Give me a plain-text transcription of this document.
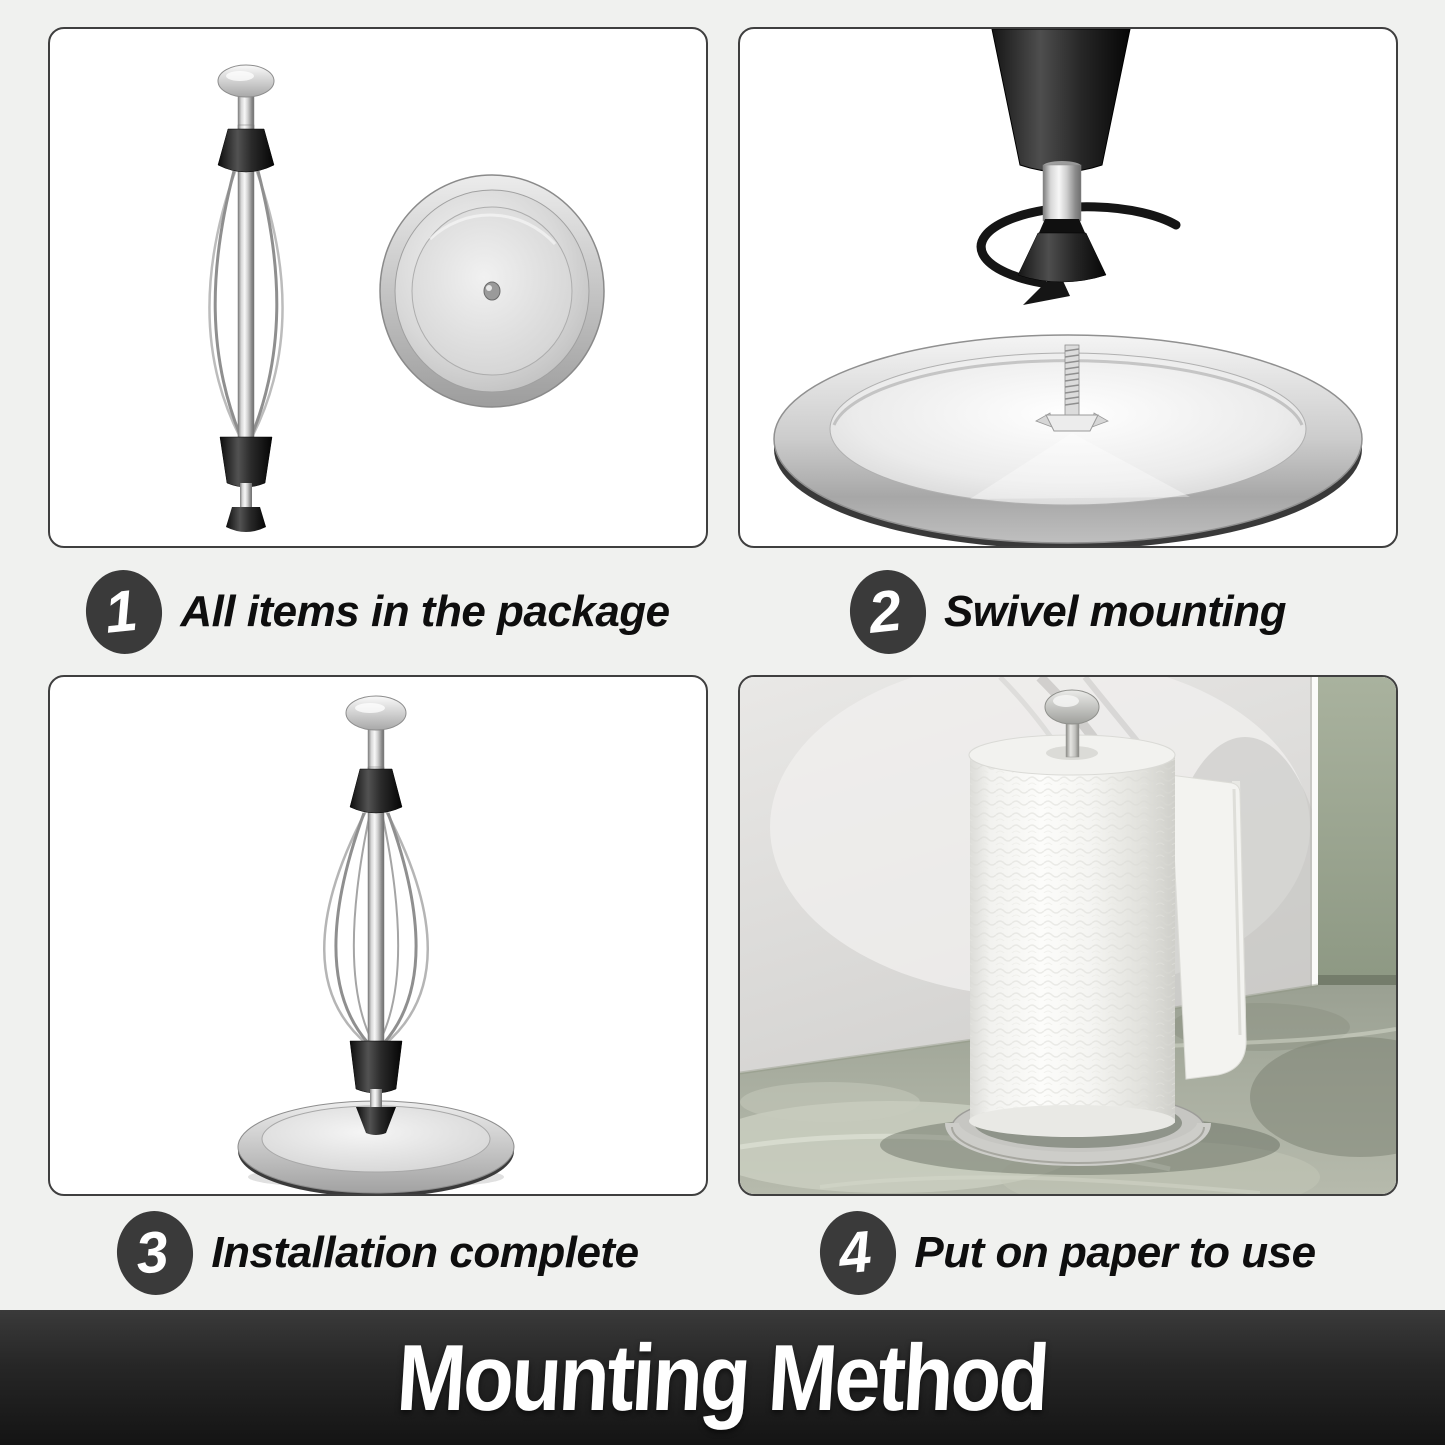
1 All items in the package	2 Swivel mounting
3 Installation complete	4 Put on paper to use
Mounting Method
